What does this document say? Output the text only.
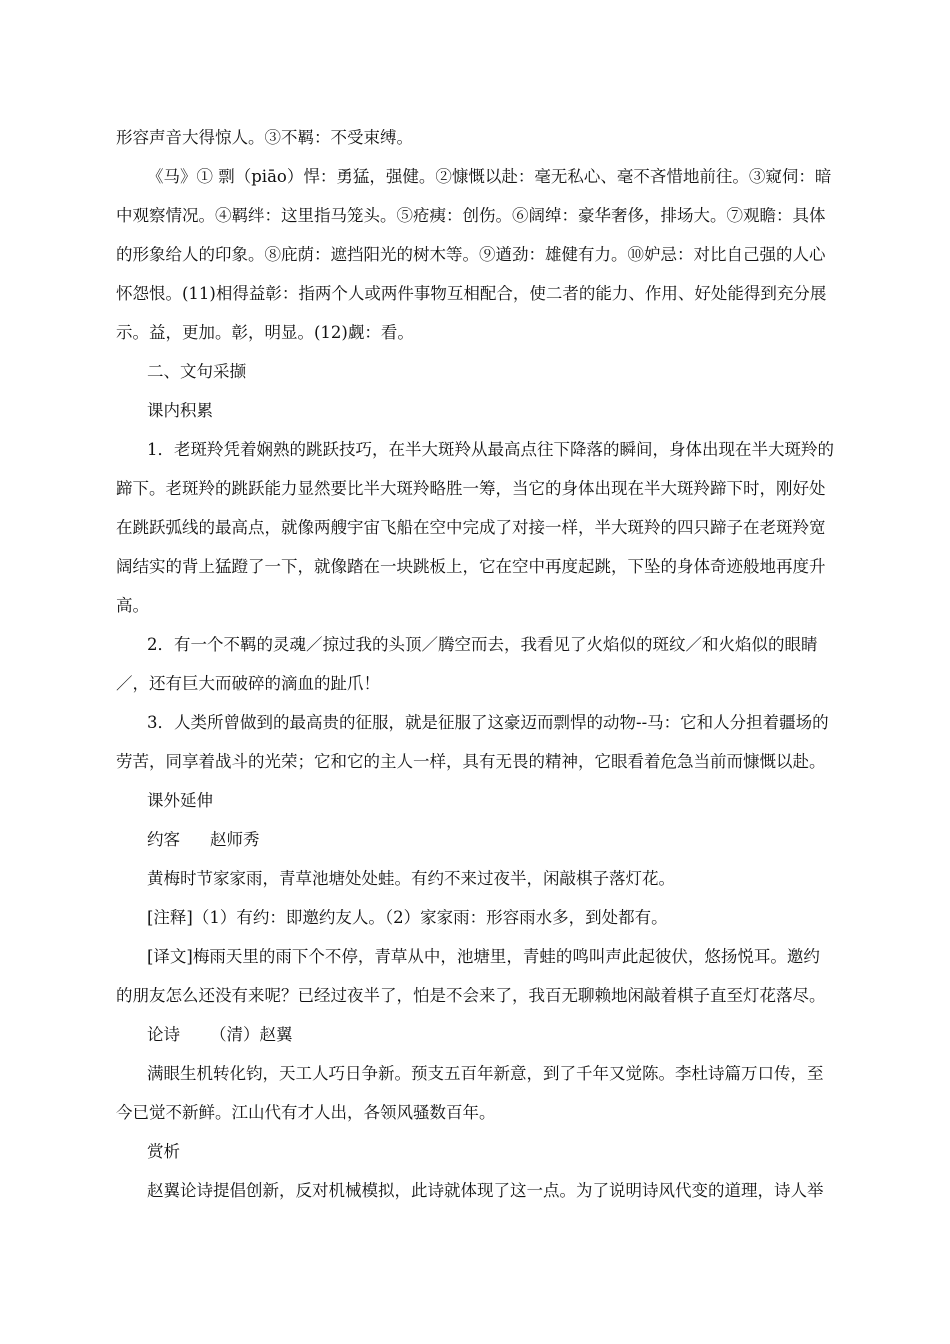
形容声音大得惊人。③不羁：不受束缚。

《马》① 剽（piāo）悍：勇猛，强健。②慷慨以赴：毫无私心、毫不吝惜地前往。③窥伺：暗中观察情况。④羁绊：这里指马笼头。⑤疮痍：创伤。⑥阔绰：豪华奢侈，排场大。⑦观瞻：具体的形象给人的印象。⑧庇荫：遮挡阳光的树木等。⑨遒劲：雄健有力。⑩妒忌：对比自己强的人心怀怨恨。(11)相得益彰：指两个人或两件事物互相配合，使二者的能力、作用、好处能得到充分展示。益，更加。彰，明显。(12)觑：看。

二、文句采撷

课内积累

1．老斑羚凭着娴熟的跳跃技巧，在半大斑羚从最高点往下降落的瞬间，身体出现在半大斑羚的蹄下。老斑羚的跳跃能力显然要比半大斑羚略胜一筹，当它的身体出现在半大斑羚蹄下时，刚好处在跳跃弧线的最高点，就像两艘宇宙飞船在空中完成了对接一样，半大斑羚的四只蹄子在老斑羚宽阔结实的背上猛蹬了一下，就像踏在一块跳板上，它在空中再度起跳，下坠的身体奇迹般地再度升高。

2．有一个不羁的灵魂／掠过我的头顶／腾空而去，我看见了火焰似的斑纹／和火焰似的眼睛／，还有巨大而破碎的滴血的趾爪！

3．人类所曾做到的最高贵的征服，就是征服了这豪迈而剽悍的动物--马：它和人分担着疆场的劳苦，同享着战斗的光荣；它和它的主人一样，具有无畏的精神，它眼看着危急当前而慷慨以赴。

课外延伸

约客 赵师秀

黄梅时节家家雨，青草池塘处处蛙。有约不来过夜半，闲敲棋子落灯花。

[注释]（1）有约：即邀约友人。（2）家家雨：形容雨水多，到处都有。

[译文]梅雨天里的雨下个不停，青草从中，池塘里，青蛙的鸣叫声此起彼伏，悠扬悦耳。邀约的朋友怎么还没有来呢？已经过夜半了，怕是不会来了，我百无聊赖地闲敲着棋子直至灯花落尽。

论诗 （清）赵翼

满眼生机转化钧，天工人巧日争新。预支五百年新意，到了千年又觉陈。李杜诗篇万口传，至今已觉不新鲜。江山代有才人出，各领风骚数百年。

赏析

赵翼论诗提倡创新，反对机械模拟，此诗就体现了这一点。为了说明诗风代变的道理，诗人举
